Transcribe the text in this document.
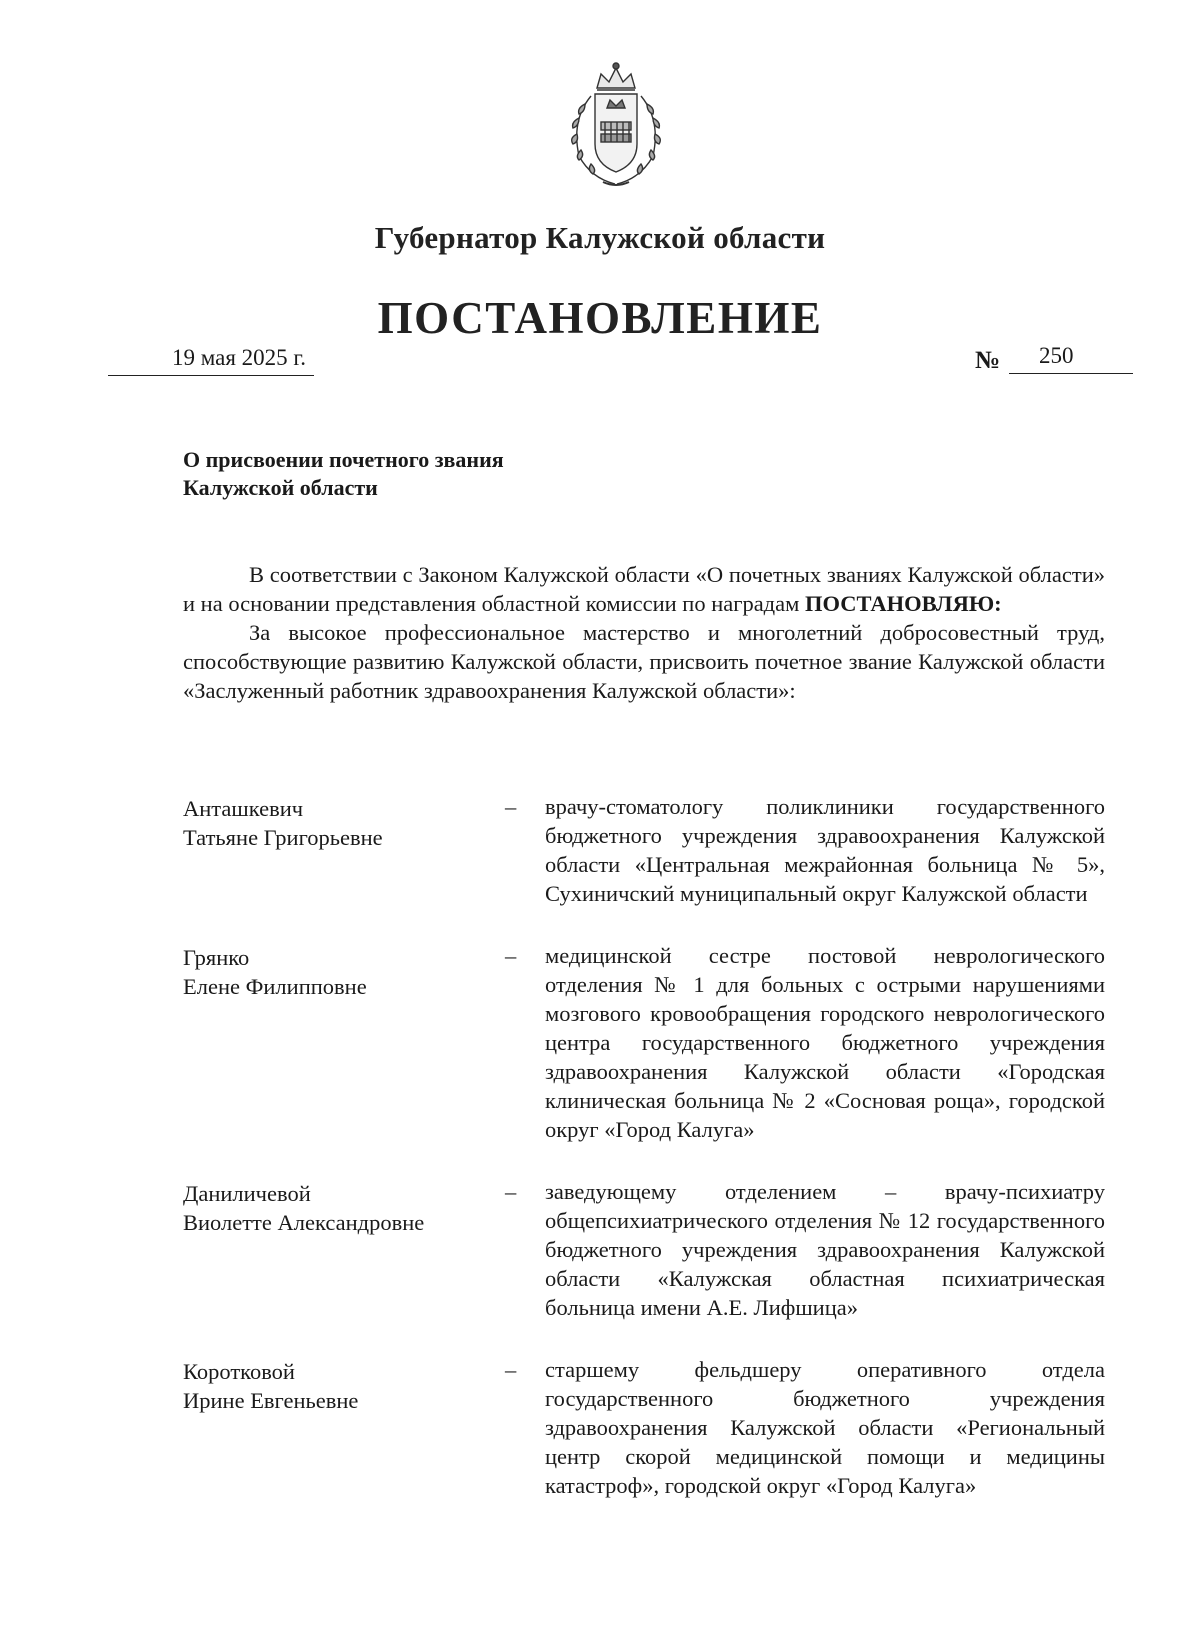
Губернатор Калужской области
ПОСТАНОВЛЕНИЕ
19 мая 2025 г.	№ 250
О присвоении почетного звания
Калужской области

В соответствии с Законом Калужской области «О почетных званиях Калужской области» и на основании представления областной комиссии по наградам ПОСТАНОВЛЯЮ:

За высокое профессиональное мастерство и многолетний добросовестный труд, способствующие развитию Калужской области, присвоить почетное звание Калужской области «Заслуженный работник здравоохранения Калужской области»:

Анташкевич
Татьяне Григорьевне
– врачу-стоматологу поликлиники государственного бюджетного учреждения здравоохранения Калужской области «Центральная межрайонная больница № 5», Сухиничский муниципальный округ Калужской области
Грянко
Елене Филипповне
– медицинской сестре постовой неврологического отделения № 1 для больных с острыми нарушениями мозгового кровообращения городского неврологического центра государственного бюджетного учреждения здравоохранения Калужской области «Городская клиническая больница № 2 «Сосновая роща», городской округ «Город Калуга»
Даниличевой
Виолетте Александровне
– заведующему отделением – врачу-психиатру общепсихиатрического отделения № 12 государственного бюджетного учреждения здравоохранения Калужской области «Калужская областная психиатрическая больница имени А.Е. Лифшица»
Коротковой
Ирине Евгеньевне
– старшему фельдшеру оперативного отдела государственного бюджетного учреждения здравоохранения Калужской области «Региональный центр скорой медицинской помощи и медицины катастроф», городской округ «Город Калуга»
